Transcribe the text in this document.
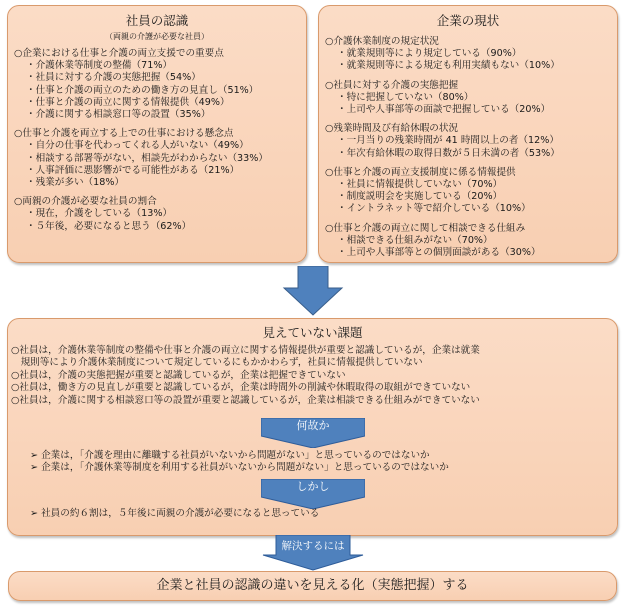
社員の認識
（両親の介護が必要な社員）
○企業における仕事と介護の両立支援での重要点
・介護休業等制度の整備（71%）
・社員に対する介護の実態把握（54%）
・仕事と介護の両立のための働き方の見直し（51%）
・仕事と介護の両立に関する情報提供（49%）
・介護に関する相談窓口等の設置（35%）
○仕事と介護を両立する上での仕事における懸念点
・自分の仕事を代わってくれる人がいない（49%）
・相談する部署等がない，相談先がわからない（33%）
・人事評価に悪影響がでる可能性がある（21%）
・残業が多い（18%）
○両親の介護が必要な社員の割合
・現在，介護をしている（13%）
・５年後，必要になると思う（62%）
企業の現状
○介護休業制度の規定状況
・就業規則等により規定している（90%）
・就業規則等による規定も利用実績もない（10%）
○社員に対する介護の実態把握
・特に把握していない（80%）
・上司や人事部等の面談で把握している（20%）
○残業時間及び有給休暇の状況
・一月当りの残業時間が 41 時間以上の者（12%）
・年次有給休暇の取得日数が５日未満の者（53%）
○仕事と介護の両立支援制度に係る情報提供
・社員に情報提供していない（70%）
・制度説明会を実施している（20%）
・イントラネット等で紹介している（10%）
○仕事と介護の両立に関して相談できる仕組み
・相談できる仕組みがない（70%）
・上司や人事部等との個別面談がある（30%）
見えていない課題
○社員は，介護休業等制度の整備や仕事と介護の両立に関する情報提供が重要と認識しているが，企業は就業
　規則等により介護休業制度について規定しているにもかかわらず，社員に情報提供していない
○社員は，介護の実態把握が重要と認識しているが，企業は把握できていない
○社員は，働き方の見直しが重要と認識しているが，企業は時間外の削減や休暇取得の取組ができていない
○社員は，介護に関する相談窓口等の設置が重要と認識しているが，企業は相談できる仕組みができていない
何故か
➢ 企業は，「介護を理由に離職する社員がいないから問題がない」と思っているのではないか
➢ 企業は，「介護休業等制度を利用する社員がいないから問題がない」と思っているのではないか
しかし
➢ 社員の約６割は，５年後に両親の介護が必要になると思っている
解決するには
企業と社員の認識の違いを見える化（実態把握）する
